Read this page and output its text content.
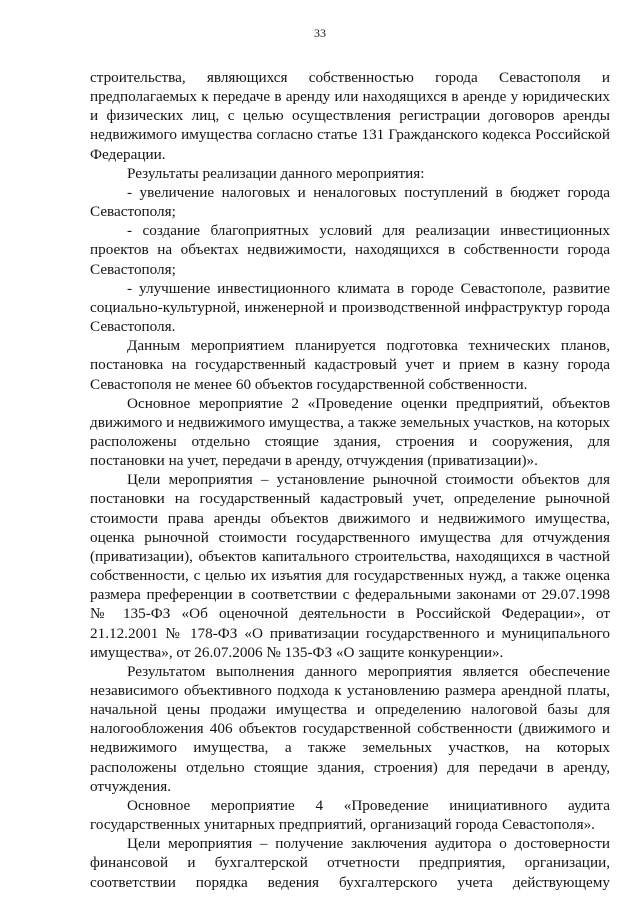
33

строительства, являющихся собственностью города Севастополя и предполагаемых к передаче в аренду или находящихся в аренде у юридических и физических лиц, с целью осуществления регистрации договоров аренды недвижимого имущества согласно статье 131 Гражданского кодекса Российской Федерации.

Результаты реализации данного мероприятия:

- увеличение налоговых и неналоговых поступлений в бюджет города Севастополя;

- создание благоприятных условий для реализации инвестиционных проектов на объектах недвижимости, находящихся в собственности города Севастополя;

- улучшение инвестиционного климата в городе Севастополе, развитие социально-культурной, инженерной и производственной инфраструктур города Севастополя.

Данным мероприятием планируется подготовка технических планов, постановка на государственный кадастровый учет и прием в казну города Севастополя не менее 60 объектов государственной собственности.

Основное мероприятие 2 «Проведение оценки предприятий, объектов движимого и недвижимого имущества, а также земельных участков, на которых расположены отдельно стоящие здания, строения и сооружения, для постановки на учет, передачи в аренду, отчуждения (приватизации)».

Цели мероприятия – установление рыночной стоимости объектов для постановки на государственный кадастровый учет, определение рыночной стоимости права аренды объектов движимого и недвижимого имущества, оценка рыночной стоимости государственного имущества для отчуждения (приватизации), объектов капитального строительства, находящихся в частной собственности, с целью их изъятия для государственных нужд, а также оценка размера преференции в соответствии с федеральными законами от 29.07.1998 № 135-ФЗ «Об оценочной деятельности в Российской Федерации», от 21.12.2001 № 178-ФЗ «О приватизации государственного и муниципального имущества», от 26.07.2006 № 135-ФЗ «О защите конкуренции».

Результатом выполнения данного мероприятия является обеспечение независимого объективного подхода к установлению размера арендной платы, начальной цены продажи имущества и определению налоговой базы для налогообложения 406 объектов государственной собственности (движимого и недвижимого имущества, а также земельных участков, на которых расположены отдельно стоящие здания, строения) для передачи в аренду, отчуждения.

Основное мероприятие 4 «Проведение инициативного аудита государственных унитарных предприятий, организаций города Севастополя».

Цели мероприятия – получение заключения аудитора о достоверности финансовой и бухгалтерской отчетности предприятия, организации, соответствии порядка ведения бухгалтерского учета действующему
